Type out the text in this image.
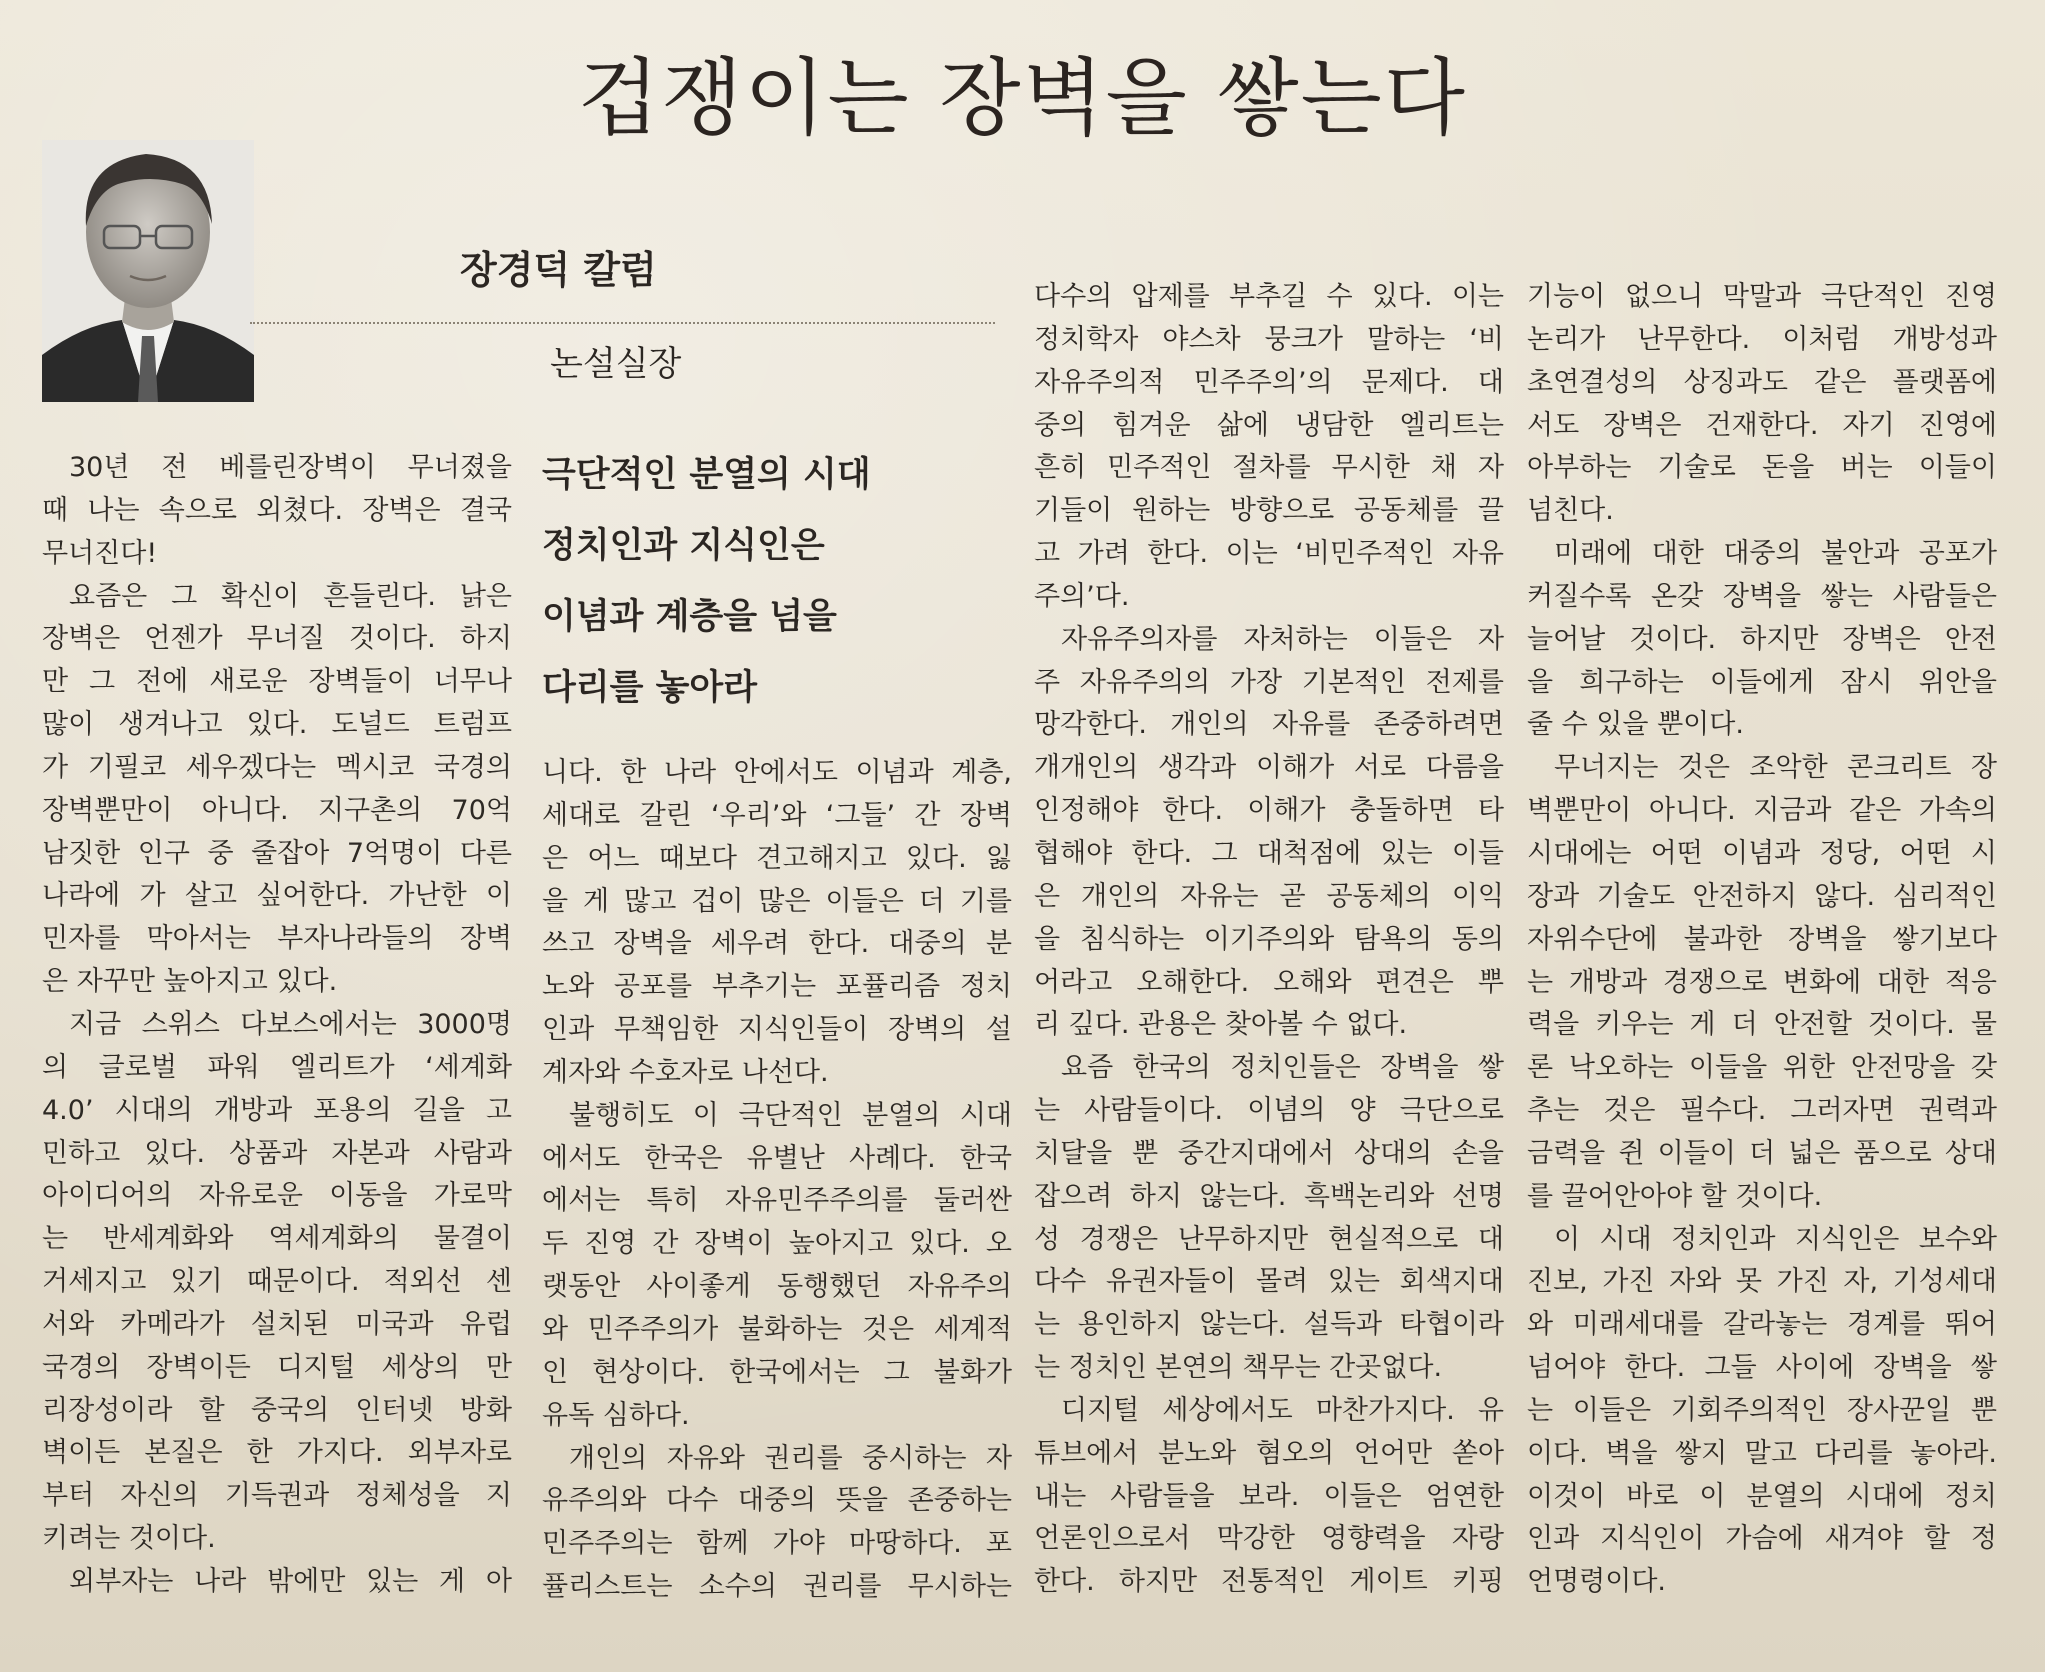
겁쟁이는 장벽을 쌓는다
장경덕 칼럼
논설실장
극단적인 분열의 시대
정치인과 지식인은
이념과 계층을 넘을
다리를 놓아라

30년 전 베를린장벽이 무너졌을

때 나는 속으로 외쳤다. 장벽은 결국

무너진다!

요즘은 그 확신이 흔들린다. 낡은

장벽은 언젠가 무너질 것이다. 하지

만 그 전에 새로운 장벽들이 너무나

많이 생겨나고 있다. 도널드 트럼프

가 기필코 세우겠다는 멕시코 국경의

장벽뿐만이 아니다. 지구촌의 70억

남짓한 인구 중 줄잡아 7억명이 다른

나라에 가 살고 싶어한다. 가난한 이

민자를 막아서는 부자나라들의 장벽

은 자꾸만 높아지고 있다.

지금 스위스 다보스에서는 3000명

의 글로벌 파워 엘리트가 ‘세계화

4.0’ 시대의 개방과 포용의 길을 고

민하고 있다. 상품과 자본과 사람과

아이디어의 자유로운 이동을 가로막

는 반세계화와 역세계화의 물결이

거세지고 있기 때문이다. 적외선 센

서와 카메라가 설치된 미국과 유럽

국경의 장벽이든 디지털 세상의 만

리장성이라 할 중국의 인터넷 방화

벽이든 본질은 한 가지다. 외부자로

부터 자신의 기득권과 정체성을 지

키려는 것이다.

외부자는 나라 밖에만 있는 게 아

니다. 한 나라 안에서도 이념과 계층,

세대로 갈린 ‘우리’와 ‘그들’ 간 장벽

은 어느 때보다 견고해지고 있다. 잃

을 게 많고 겁이 많은 이들은 더 기를

쓰고 장벽을 세우려 한다. 대중의 분

노와 공포를 부추기는 포퓰리즘 정치

인과 무책임한 지식인들이 장벽의 설

계자와 수호자로 나선다.

불행히도 이 극단적인 분열의 시대

에서도 한국은 유별난 사례다. 한국

에서는 특히 자유민주주의를 둘러싼

두 진영 간 장벽이 높아지고 있다. 오

랫동안 사이좋게 동행했던 자유주의

와 민주주의가 불화하는 것은 세계적

인 현상이다. 한국에서는 그 불화가

유독 심하다.

개인의 자유와 권리를 중시하는 자

유주의와 다수 대중의 뜻을 존중하는

민주주의는 함께 가야 마땅하다. 포

퓰리스트는 소수의 권리를 무시하는

다수의 압제를 부추길 수 있다. 이는

정치학자 야스차 뭉크가 말하는 ‘비

자유주의적 민주주의’의 문제다. 대

중의 힘겨운 삶에 냉담한 엘리트는

흔히 민주적인 절차를 무시한 채 자

기들이 원하는 방향으로 공동체를 끌

고 가려 한다. 이는 ‘비민주적인 자유

주의’다.

자유주의자를 자처하는 이들은 자

주 자유주의의 가장 기본적인 전제를

망각한다. 개인의 자유를 존중하려면

개개인의 생각과 이해가 서로 다름을

인정해야 한다. 이해가 충돌하면 타

협해야 한다. 그 대척점에 있는 이들

은 개인의 자유는 곧 공동체의 이익

을 침식하는 이기주의와 탐욕의 동의

어라고 오해한다. 오해와 편견은 뿌

리 깊다. 관용은 찾아볼 수 없다.

요즘 한국의 정치인들은 장벽을 쌓

는 사람들이다. 이념의 양 극단으로

치달을 뿐 중간지대에서 상대의 손을

잡으려 하지 않는다. 흑백논리와 선명

성 경쟁은 난무하지만 현실적으로 대

다수 유권자들이 몰려 있는 회색지대

는 용인하지 않는다. 설득과 타협이라

는 정치인 본연의 책무는 간곳없다.

디지털 세상에서도 마찬가지다. 유

튜브에서 분노와 혐오의 언어만 쏟아

내는 사람들을 보라. 이들은 엄연한

언론인으로서 막강한 영향력을 자랑

한다. 하지만 전통적인 게이트 키핑

기능이 없으니 막말과 극단적인 진영

논리가 난무한다. 이처럼 개방성과

초연결성의 상징과도 같은 플랫폼에

서도 장벽은 건재한다. 자기 진영에

아부하는 기술로 돈을 버는 이들이

넘친다.

미래에 대한 대중의 불안과 공포가

커질수록 온갖 장벽을 쌓는 사람들은

늘어날 것이다. 하지만 장벽은 안전

을 희구하는 이들에게 잠시 위안을

줄 수 있을 뿐이다.

무너지는 것은 조악한 콘크리트 장

벽뿐만이 아니다. 지금과 같은 가속의

시대에는 어떤 이념과 정당, 어떤 시

장과 기술도 안전하지 않다. 심리적인

자위수단에 불과한 장벽을 쌓기보다

는 개방과 경쟁으로 변화에 대한 적응

력을 키우는 게 더 안전할 것이다. 물

론 낙오하는 이들을 위한 안전망을 갖

추는 것은 필수다. 그러자면 권력과

금력을 쥔 이들이 더 넓은 품으로 상대

를 끌어안아야 할 것이다.

이 시대 정치인과 지식인은 보수와

진보, 가진 자와 못 가진 자, 기성세대

와 미래세대를 갈라놓는 경계를 뛰어

넘어야 한다. 그들 사이에 장벽을 쌓

는 이들은 기회주의적인 장사꾼일 뿐

이다. 벽을 쌓지 말고 다리를 놓아라.

이것이 바로 이 분열의 시대에 정치

인과 지식인이 가슴에 새겨야 할 정

언명령이다.
